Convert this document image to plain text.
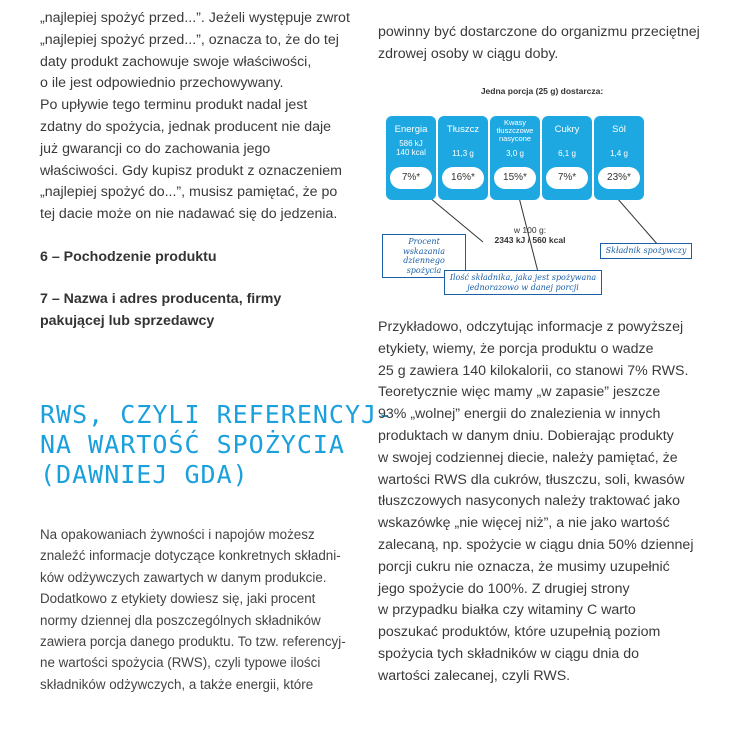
„najlepiej spożyć przed...”. Jeżeli występuje zwrot
„najlepiej spożyć przed...”, oznacza to, że do tej
daty produkt zachowuje swoje właściwości,
o ile jest odpowiednio przechowywany.
Po upływie tego terminu produkt nadal jest
zdatny do spożycia, jednak producent nie daje
już gwarancji co do zachowania jego
właściwości. Gdy kupisz produkt z oznaczeniem
„najlepiej spożyć do...”, musisz pamiętać, że po
tej dacie może on nie nadawać się do jedzenia.
6 – Pochodzenie produktu
7 – Nazwa i adres producenta, firmy
pakującej lub sprzedawcy
RWS, CZYLI REFERENCYJ-
NA WARTOŚĆ SPOŻYCIA
(DAWNIEJ GDA)
Na opakowaniach żywności i napojów możesz
znaleźć informacje dotyczące konkretnych składni-
ków odżywczych zawartych w danym produkcie.
Dodatkowo z etykiety dowiesz się, jaki procent
normy dziennej dla poszczególnych składników
zawiera porcja danego produktu. To tzw. referencyj-
ne wartości spożycia (RWS), czyli typowe ilości
składników odżywczych, a także energii, które
powinny być dostarczone do organizmu przeciętnej
zdrowej osoby w ciągu doby.
Jedna porcja (25 g) dostarcza:
Energia
586 kJ
140 kcal
7%*
Tłuszcz
11,3 g
16%*
Kwasy tłuszczowe nasycone
3,0 g
15%*
Cukry
6,1 g
7%*
Sól
1,4 g
23%*
w 100 g:
2343 kJ / 560 kcal
Procent wskazania dziennego spożycia
Składnik spożywczy
Ilość składnika, jaka jest spożywana jednorazowo w danej porcji
Przykładowo, odczytując informacje z powyższej
etykiety, wiemy, że porcja produktu o wadze
25 g zawiera 140 kilokalorii, co stanowi 7% RWS.
Teoretycznie więc mamy „w zapasie” jeszcze
93% „wolnej” energii do znalezienia w innych
produktach w danym dniu. Dobierając produkty
w swojej codziennej diecie, należy pamiętać, że
wartości RWS dla cukrów, tłuszczu, soli, kwasów
tłuszczowych nasyconych należy traktować jako
wskazówkę „nie więcej niż”, a nie jako wartość
zalecaną, np. spożycie w ciągu dnia 50% dziennej
porcji cukru nie oznacza, że musimy uzupełnić
jego spożycie do 100%. Z drugiej strony
w przypadku białka czy witaminy C warto
poszukać produktów, które uzupełnią poziom
spożycia tych składników w ciągu dnia do
wartości zalecanej, czyli RWS.
